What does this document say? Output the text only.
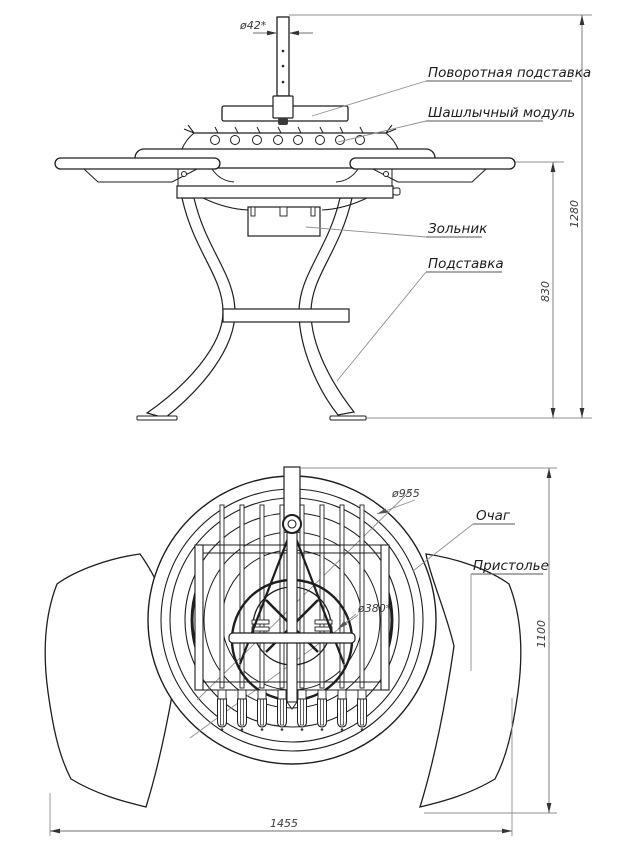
Поворотная подставка
Шашлычный модуль
Зольник
Подставка
ø42*
830
1280
ø955
Очаг
Пристолье
ø380*
1100
1455
